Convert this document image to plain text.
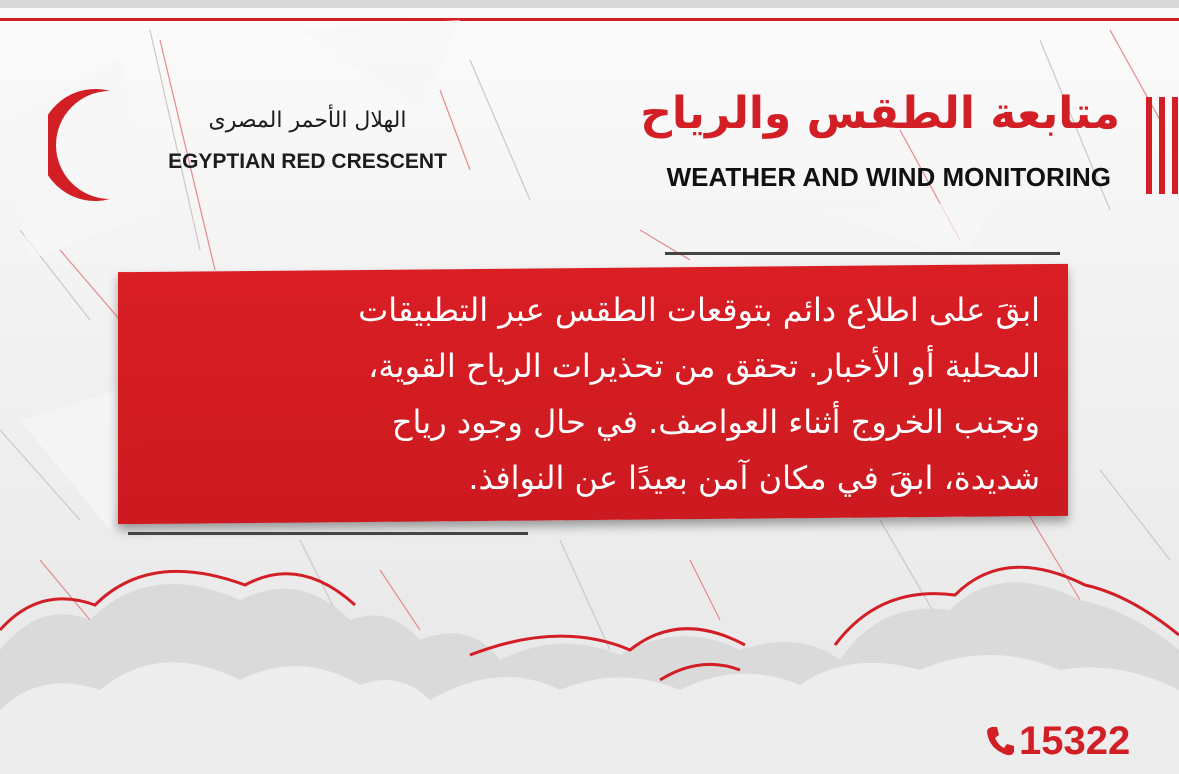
الهلال الأحمر المصرى
EGYPTIAN RED CRESCENT
متابعة الطقس والرياح
WEATHER AND WIND MONITORING
ابقَ على اطلاع دائم بتوقعات الطقس عبر التطبيقات
المحلية أو الأخبار. تحقق من تحذيرات الرياح القوية،
وتجنب الخروج أثناء العواصف. في حال وجود رياح
شديدة، ابقَ في مكان آمن بعيدًا عن النوافذ.
15322
